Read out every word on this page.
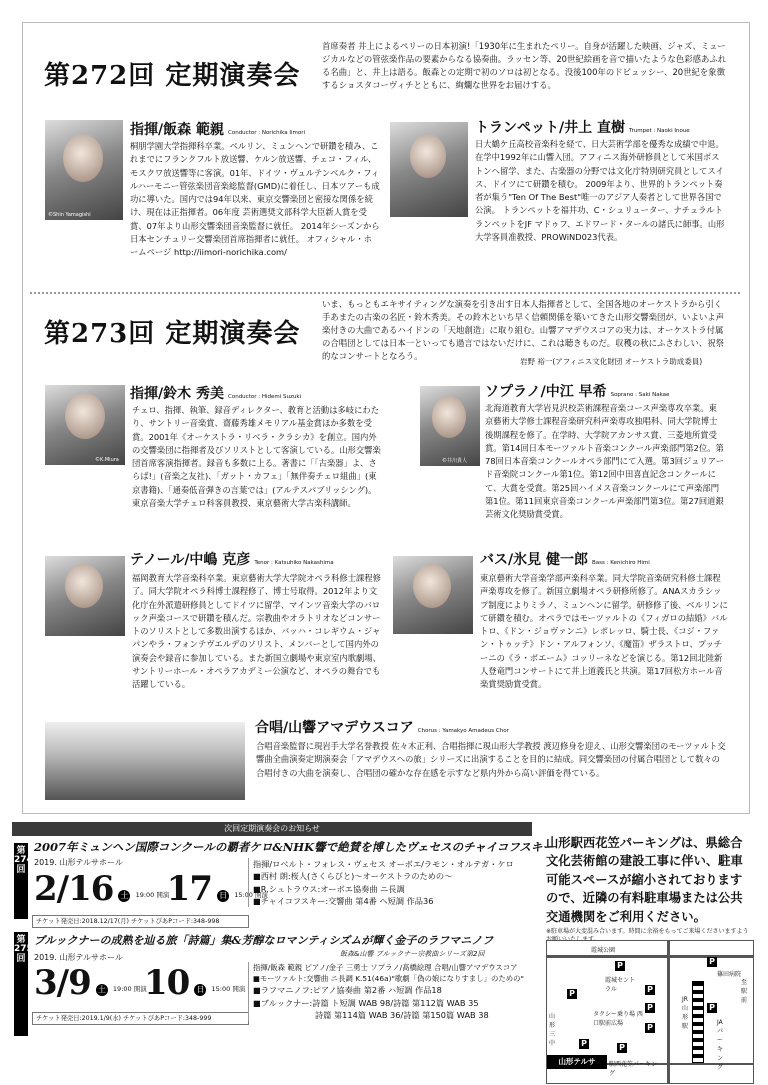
第272回 定期演奏会
首席奏者 井上によるペリーの日本初演!「1930年に生まれたペリー。自身が活躍した映画、ジャズ、ミュージカルなどの管弦楽作品の要素からなる協奏曲。ラッセン等、20世紀絵画を音で描いたような色彩感あふれる名曲」と、井上は語る。飯森との定期で初のソロは初となる。没後100年のドビュッシー、20世紀を象徴するショスタコーヴィチとともに、絢爛な世界をお届けする。
©Shin Yamagishi
指揮/飯森 範親 Conductor : Norichika Iimori
桐朋学園大学指揮科卒業。ベルリン、ミュンヘンで研鑽を積み、これまでにフランクフルト放送響、ケルン放送響、チェコ・フィル、モスクワ放送響等に客演。01年、ドイツ・ヴュルテンベルク・フィルハーモニー管弦楽団音楽総監督(GMD)に着任し、日本ツアーも成功に導いた。国内では94年以来、東京交響楽団と密接な関係を続け、現在は正指揮者。06年度 芸術選奨文部科学大臣新人賞を受賞、07年より山形交響楽団音楽監督に就任。 2014年シーズンから日本センチュリー交響楽団首席指揮者に就任。 オフィシャル・ホームページ http://iimori-norichika.com/
トランペット/井上 直樹 Trumpet : Naoki Inoue
日大鶴ケ丘高校音楽科を経て、日大芸術学部を優秀な成績で中退。在学中1992年に山響入団。アフィニス海外研修員として米国ボストンへ留学、また、古楽器の分野では文化庁特別研究員としてスイス、ドイツにて研鑽を積む。 2009年より、世界的トランペット奏者が集う"Ten Of The Best"唯一のアジア人奏者として世界各国で公演。 トランペットを福井功、C・シュリューター、ナチュラルトランペットをJF マドゥフ、エドワード・タールの諸氏に師事。山形大学客員准教授、PROWiND023代表。
第273回 定期演奏会
いま、もっともエキサイティングな演奏を引き出す日本人指揮者として、全国各地のオーケストラから引く手あまたの古楽の名匠・鈴木秀美。その鈴木といち早く信頼関係を築いてきた山形交響楽団が、いよいよ声楽付きの大曲であるハイドンの「天地創造」に取り組む。山響アマデウスコアの実力は、オーケストラ付属の合唱団としては日本一といっても過言ではないだけに、これは聴きものだ。収穫の秋にふさわしい、祝祭的なコンサートとなろう。
岩野 裕一(アフィニス文化財団 オーケストラ助成委員)
©K.Miura
指揮/鈴木 秀美 Conductor : Hidemi Suzuki
チェロ、指揮、執筆、録音ディレクター、教育と活動は多岐にわたり、サントリー音楽賞、齋藤秀雄メモリアル基金賞ほか多数を受賞。2001年《オーケストラ・リベラ・クラシカ》を創立。国内外の交響楽団に指揮者及びソリストとして客演している。山形交響楽団首席客演指揮者。録音も多数に上る。著書に「「古楽器」よ、さらば!」(音楽之友社)、「ガット・カフェ」「無伴奏チェロ組曲」(東京書籍)、「通奏低音弾きの言葉では」(アルテスパブリッシング)。東京音楽大学チェロ科客員教授、東京藝術大学古楽科講師。
©井川貴人
ソプラノ/中江 早希 Soprano : Saki Nakae
北海道教育大学岩見沢校芸術課程音楽コース声楽専攻卒業。東京藝術大学修士課程音楽研究科声楽専攻独唱科、同大学院博士後期課程を修了。在学時、大学院アカンサス賞、三菱地所賞受賞。第14回日本モーツァルト音楽コンクール声楽部門第2位。第78回日本音楽コンクールオペラ部門にて入選。第3回ジュリアード音楽院コンクール第1位。第12回中田喜直記念コンクールにて、大賞を受賞。第25回ハイメス音楽コンクールにて声楽部門第1位。第11回東京音楽コンクール声楽部門第3位。第27回道銀芸術文化奨励賞受賞。
テノール/中嶋 克彦 Tenor : Katsuhiko Nakashima
福岡教育大学音楽科卒業。東京藝術大学大学院オペラ科修士課程修了。同大学院オペラ科博士課程修了、博士号取得。2012年より文化庁在外派遣研修員としてドイツに留学、マインツ音楽大学のバロック声楽コースで研鑽を積んだ。宗教曲やオラトリオなどコンサートのソリストとして多数出演するほか、バッハ・コレギウム・ジャパンやラ・フォンテヴエルデのソリスト、メンバーとして国内外の演奏会や録音に参加している。また新国立劇場や東京室内歌劇場、サントリーホール・オペラアカデミー公演など、オペラの舞台でも活躍している。
バス/氷見 健一郎 Bass : Kenichiro Himi
東京藝術大学音楽学部声楽科卒業。同大学院音楽研究科修士課程声楽専攻を修了。新国立劇場オペラ研修所修了。ANAスカラシップ制度によりミラノ、ミュンヘンに留学。研修修了後、ベルリンにて研鑽を積む。オペラではモーツァルトの《フィガロの結婚》バルトロ、《ドン・ジョヴァンニ》レポレッロ、騎士長、《コジ・ファン・トゥッテ》ドン・アルフォンソ、《魔笛》ザラストロ、プッチーニの《ラ・ボエーム》コッリーネなどを演じる。第12回北陸新人登竜門コンサートにて井上道義氏と共演。第17回松方ホール音楽賞奨励賞受賞。
合唱/山響アマデウスコア Chorus : Yamakyo Amadeus Chor
合唱音楽監督に現岩手大学名誉教授 佐々木正利、合唱指揮に現山形大学教授 渡辺修身を迎え、山形交響楽団のモーツァルト交響曲全曲演奏定期演奏会「アマデウスへの旅」シリーズに出演することを目的に結成。同交響楽団の付属合唱団として数々の合唱付きの大曲を演奏し、合唱団の確かな存在感を示すなど県内外から高い評価を得ている。
次回定期演奏会のお知らせ
第274回
2007年ミュンヘン国際コンクールの覇者ケロ&NHK響で絶賛を博したヴェセスのチャイコフスキー
2019. 山形テルサホール
2/16 土 19:00 開演 17 日 15:00 開演
チケット発売日:2018.12/17(月) チケットぴあPコード:348-998
指揮/ロベルト・フォレス・ヴェセス オーボエ/ラモン・オルテガ・ケロ
■西村 朗:桜人(さくらびと)〜オーケストラのための〜
■R.シュトラウス:オーボエ協奏曲 ニ長調
■チャイコフスキー:交響曲 第4番 ヘ短調 作品36
第275回
ブルックナーの成熟を辿る旅「詩篇」集&芳醇なロマンティシズムが輝く金子のラフマニノフ
飯森&山響 ブルックナー宗教曲シリーズ第2回
2019. 山形テルサホール
3/9 土 19:00 開演 10 日 15:00 開演
チケット発売日:2019.1/9(水) チケットぴあPコード:348-999
指揮/飯森 範親 ピアノ/金子 三勇士 ソプラノ/髙橋絵理 合唱/山響アマデウスコア
■モーツァルト:交響曲 ニ長調 K.51(46a)"歌劇「偽の娘になりすまし」のための"
■ラフマニノフ:ピアノ協奏曲 第2番 ハ短調 作品18
■ブルックナー:詩篇 ト短調 WAB 98/詩篇 第112篇 WAB 35
詩篇 第114篇 WAB 36/詩篇 第150篇 WAB 38
山形駅西花笠パーキングは、県総合文化芸術館の建設工事に伴い、駐車可能スペースが縮小されておりますので、近隣の有料駐車場または公共交通機関をご利用ください。
※駐車場が大変混み合います。時間に余裕をもってご来場くださいますよう
霞城公園
霞城セントラル
JR山形駅
タクシー乗り場 西口駅前広場
駅西花笠パーキング
山形三中
篠田病院
JAパーキング
至駅前
山形テルサ
P
P	P
P
P
P	P
P
P
